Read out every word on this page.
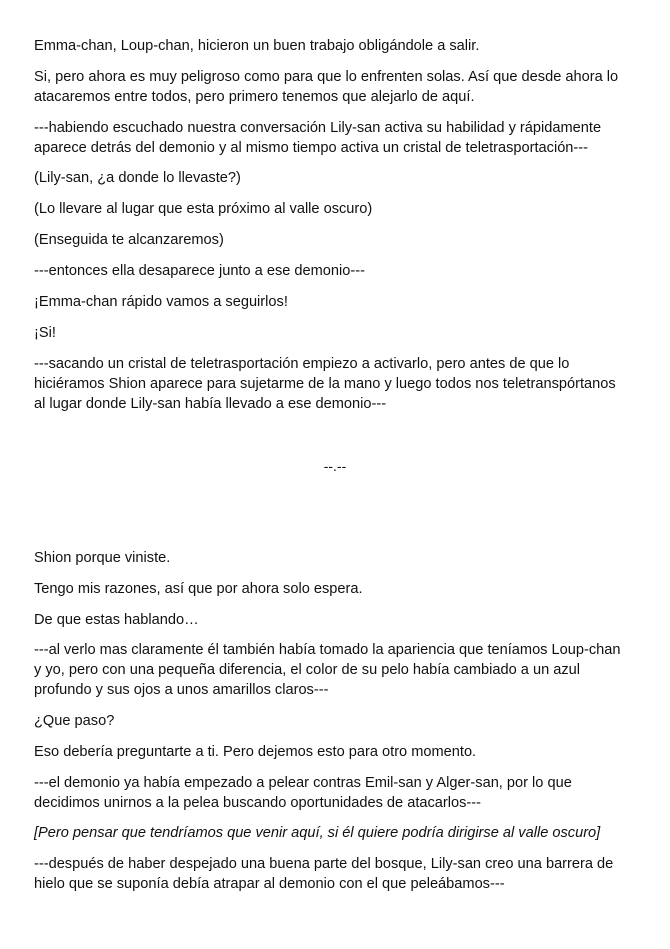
Emma-chan, Loup-chan, hicieron un buen trabajo obligándole a salir.

Si, pero ahora es muy peligroso como para que lo enfrenten solas. Así que desde ahora lo
atacaremos entre todos, pero primero tenemos que alejarlo de aquí.

---habiendo escuchado nuestra conversación Lily-san activa su habilidad y rápidamente
aparece detrás del demonio y al mismo tiempo activa un cristal de teletrasportación---

(Lily-san, ¿a donde lo llevaste?)

(Lo llevare al lugar que esta próximo al valle oscuro)

(Enseguida te alcanzaremos)

---entonces ella desaparece junto a ese demonio---

¡Emma-chan rápido vamos a seguirlos!

¡Si!

---sacando un cristal de teletrasportación empiezo a activarlo, pero antes de que lo
hiciéramos Shion aparece para sujetarme de la mano y luego todos nos teletranspórtanos
al lugar donde Lily-san había llevado a ese demonio---

--.--

Shion porque viniste.

Tengo mis razones, así que por ahora solo espera.

De que estas hablando…

---al verlo mas claramente él también había tomado la apariencia que teníamos Loup-chan
y yo, pero con una pequeña diferencia, el color de su pelo había cambiado a un azul
profundo y sus ojos a unos amarillos claros---

¿Que paso?

Eso debería preguntarte a ti. Pero dejemos esto para otro momento.

---el demonio ya había empezado a pelear contras Emil-san y Alger-san, por lo que
decidimos unirnos a la pelea buscando oportunidades de atacarlos---

[Pero pensar que tendríamos que venir aquí, si él quiere podría dirigirse al valle oscuro]

---después de haber despejado una buena parte del bosque, Lily-san creo una barrera de
hielo que se suponía debía atrapar al demonio con el que peleábamos---
